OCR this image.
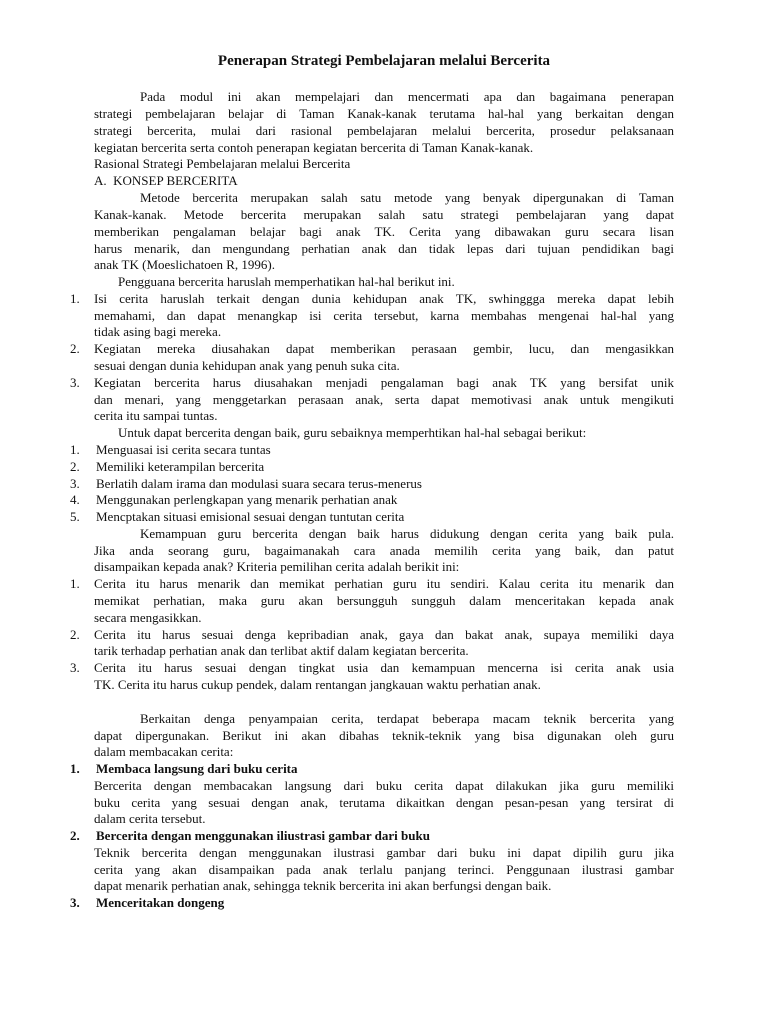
Penerapan Strategi Pembelajaran melalui Bercerita
Pada modul ini akan mempelajari dan mencermati apa dan bagaimana penerapan
strategi pembelajaran belajar di Taman Kanak-kanak terutama hal-hal yang berkaitan dengan
strategi bercerita, mulai dari rasional pembelajaran melalui bercerita, prosedur pelaksanaan
kegiatan bercerita serta contoh penerapan kegiatan bercerita di Taman Kanak-kanak.
Rasional Strategi Pembelajaran melalui Bercerita
A.  KONSEP BERCERITA
Metode bercerita merupakan salah satu metode yang benyak dipergunakan di Taman
Kanak-kanak. Metode bercerita merupakan salah satu strategi pembelajaran yang dapat
memberikan pengalaman belajar bagi anak TK. Cerita yang dibawakan guru secara lisan
harus menarik, dan mengundang perhatian anak dan tidak lepas dari tujuan pendidikan bagi
anak TK (Moeslichatoen R, 1996).
Pengguana bercerita haruslah memperhatikan hal-hal berikut ini.
1. Isi cerita haruslah terkait dengan dunia kehidupan anak TK, swhinggga mereka dapat lebih
memahami, dan dapat menangkap isi cerita tersebut, karna membahas mengenai hal-hal yang
tidak asing bagi mereka.
2. Kegiatan mereka diusahakan dapat memberikan perasaan gembir, lucu, dan mengasikkan
sesuai dengan dunia kehidupan anak yang penuh suka cita.
3. Kegiatan bercerita harus diusahakan menjadi pengalaman bagi anak TK yang bersifat unik
dan menari, yang menggetarkan perasaan anak, serta dapat memotivasi anak untuk mengikuti
cerita itu sampai tuntas.
Untuk dapat bercerita dengan baik, guru sebaiknya memperhtikan hal-hal sebagai berikut:
1. Menguasai isi cerita secara tuntas
2. Memiliki keterampilan bercerita
3. Berlatih dalam irama dan modulasi suara secara terus-menerus
4. Menggunakan perlengkapan yang menarik perhatian anak
5. Mencptakan situasi emisional sesuai dengan tuntutan cerita
Kemampuan guru bercerita dengan baik harus didukung dengan cerita yang baik pula.
Jika anda seorang guru, bagaimanakah cara anada memilih cerita yang baik, dan patut
disampaikan kepada anak? Kriteria pemilihan cerita adalah berikit ini:
1. Cerita itu harus menarik dan memikat perhatian guru itu sendiri. Kalau cerita itu menarik dan
memikat perhatian, maka guru akan bersungguh sungguh dalam menceritakan kepada anak
secara mengasikkan.
2. Cerita itu harus sesuai denga kepribadian anak, gaya dan bakat anak, supaya memiliki daya
tarik terhadap perhatian anak dan terlibat aktif dalam kegiatan bercerita.
3. Cerita itu harus sesuai dengan tingkat usia dan kemampuan mencerna isi cerita anak usia
TK. Cerita itu harus cukup pendek, dalam rentangan jangkauan waktu perhatian anak.
Berkaitan denga penyampaian cerita, terdapat beberapa macam teknik bercerita yang
dapat dipergunakan. Berikut ini akan dibahas teknik-teknik yang bisa digunakan oleh guru
dalam membacakan cerita:
1. Membaca langsung dari buku cerita
Bercerita dengan membacakan langsung dari buku cerita dapat dilakukan jika guru memiliki
buku cerita yang sesuai dengan anak, terutama dikaitkan dengan pesan-pesan yang tersirat di
dalam cerita tersebut.
2. Bercerita dengan menggunakan iliustrasi gambar dari buku
Teknik bercerita dengan menggunakan ilustrasi gambar dari buku ini dapat dipilih guru jika
cerita yang akan disampaikan pada anak terlalu panjang terinci. Penggunaan ilustrasi gambar
dapat menarik perhatian anak, sehingga teknik bercerita ini akan berfungsi dengan baik.
3. Menceritakan dongeng
